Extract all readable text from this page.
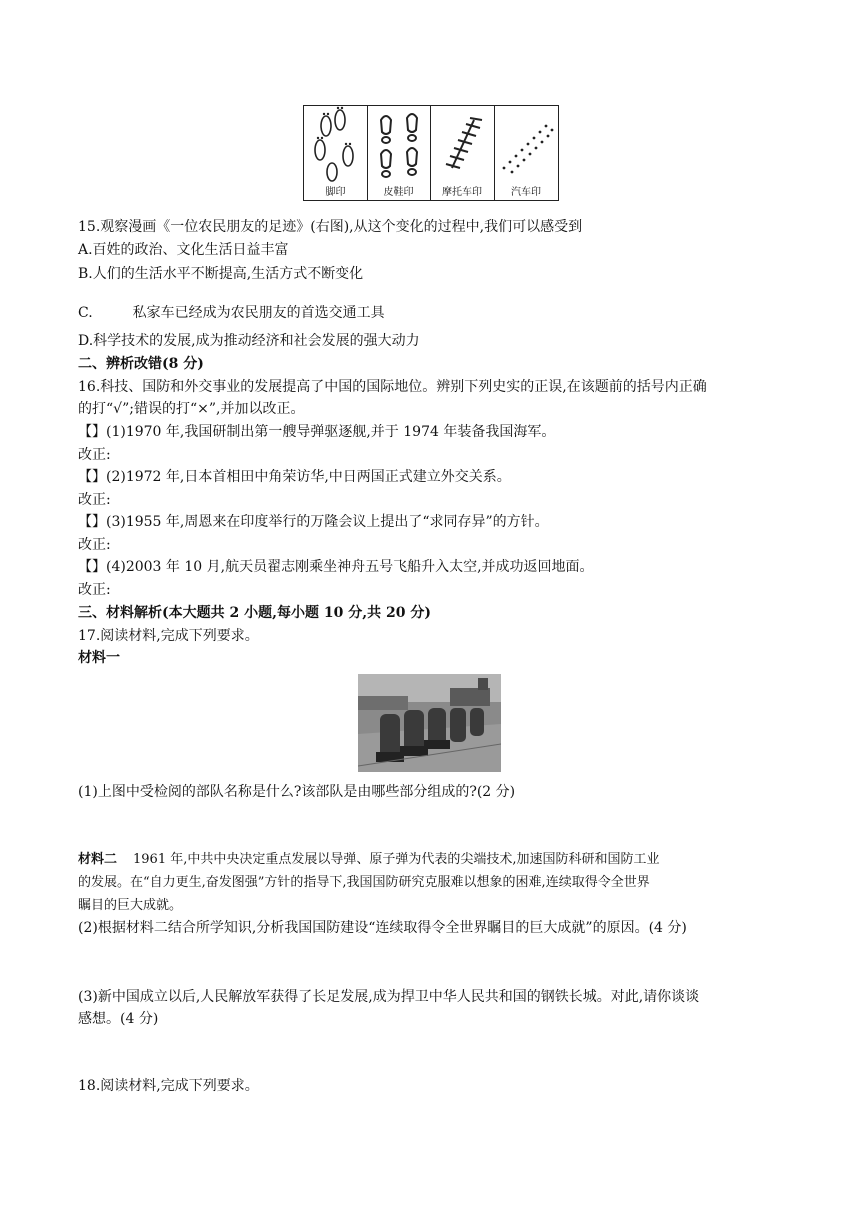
脚印	皮鞋印	摩托车印	汽车印
15.观察漫画《一位农民朋友的足迹》(右图),从这个变化的过程中,我们可以感受到
A.百姓的政治、文化生活日益丰富
B.人们的生活水平不断提高,生活方式不断变化
C.	私家车已经成为农民朋友的首选交通工具
D.科学技术的发展,成为推动经济和社会发展的强大动力
二、辨析改错(8 分)
16.科技、国防和外交事业的发展提高了中国的国际地位。辨别下列史实的正误,在该题前的括号内正确
的打“√”;错误的打“×”,并加以改正。
【】(1)1970 年,我国研制出第一艘导弹驱逐舰,并于 1974 年装备我国海军。
改正:
【】(2)1972 年,日本首相田中角荣访华,中日两国正式建立外交关系。
改正:
【】(3)1955 年,周恩来在印度举行的万隆会议上提出了“求同存异”的方针。
改正:
【】(4)2003 年 10 月,航天员翟志刚乘坐神舟五号飞船升入太空,并成功返回地面。
改正:
三、材料解析(本大题共 2 小题,每小题 10 分,共 20 分)
17.阅读材料,完成下列要求。
材料一
(1)上图中受检阅的部队名称是什么?该部队是由哪些部分组成的?(2 分)
材料二 1961 年,中共中央决定重点发展以导弹、原子弹为代表的尖端技术,加速国防科研和国防工业
的发展。在“自力更生,奋发图强”方针的指导下,我国国防研究克服难以想象的困难,连续取得令全世界
瞩目的巨大成就。
(2)根据材料二结合所学知识,分析我国国防建设“连续取得令全世界瞩目的巨大成就”的原因。(4 分)
(3)新中国成立以后,人民解放军获得了长足发展,成为捍卫中华人民共和国的钢铁长城。对此,请你谈谈
感想。(4 分)
18.阅读材料,完成下列要求。
